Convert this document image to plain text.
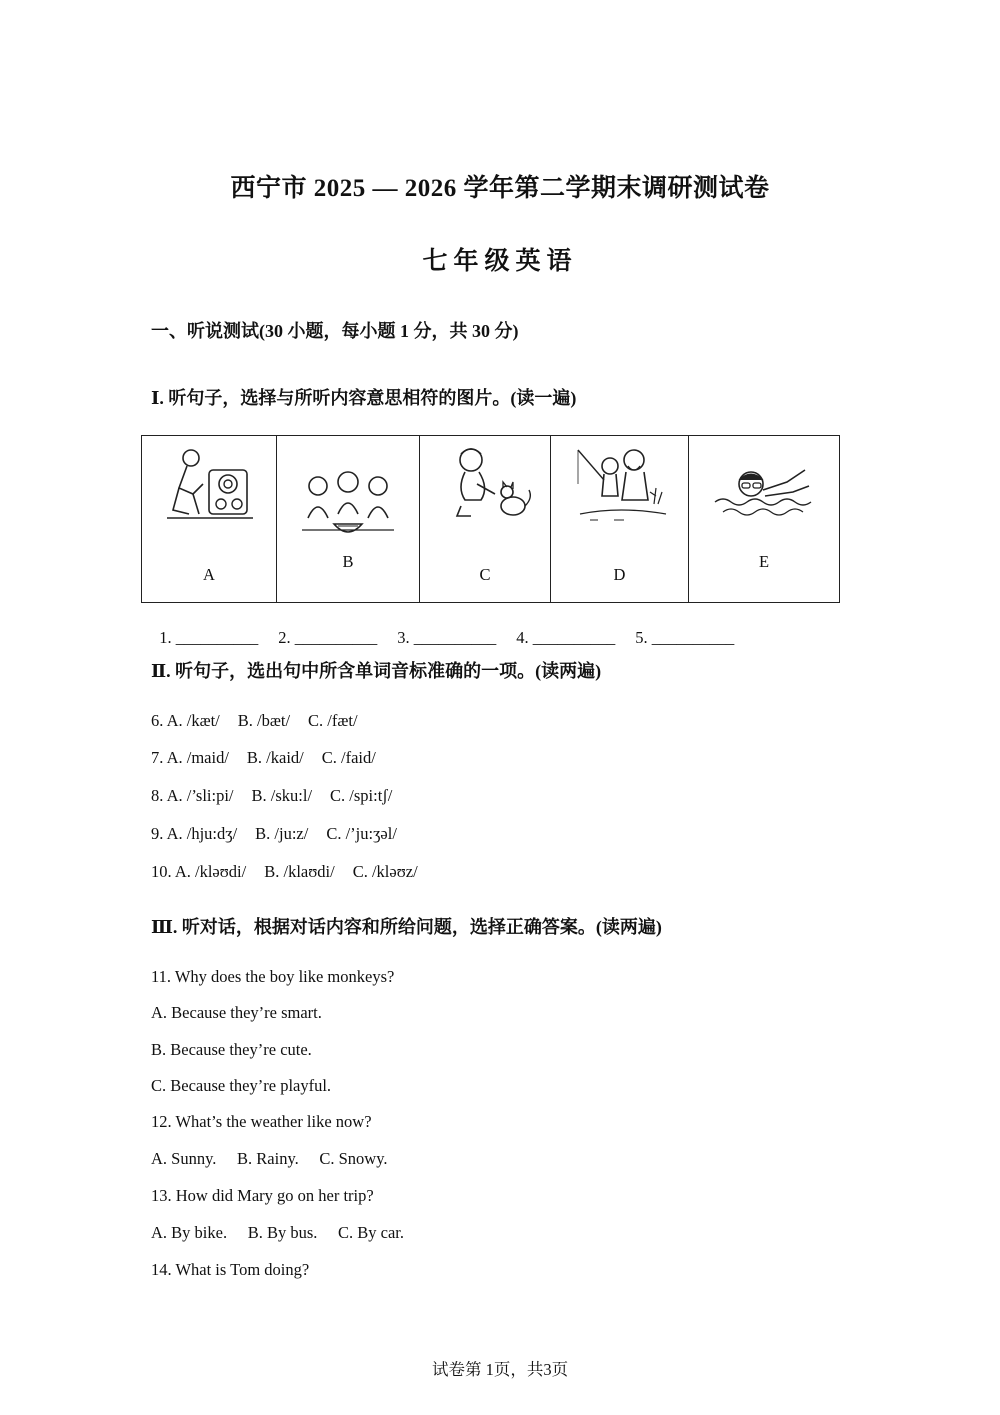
西宁市 2025 — 2026 学年第二学期末调研测试卷
七年级英语
一、听说测试(30 小题，每小题 1 分，共 30 分)
Ⅰ. 听句子，选择与所听内容意思相符的图片。(读一遍)
A

B

C	D

E

1. __________ 2. __________ 3. __________ 4. __________ 5. __________

Ⅱ. 听句子，选出句中所含单词音标准确的一项。(读两遍)
6. A. /kæt/ B. /bæt/ C. /fæt/
7. A. /maid/ B. /kaid/ C. /faid/
8. A. /’sli:pi/ B. /sku:l/ C. /spi:tʃ/
9. A. /hju:dʒ/ B. /ju:z/ C. /’ju:ʒəl/
10. A. /kləʊdi/ B. /klaʊdi/ C. /kləʊz/
Ⅲ. 听对话，根据对话内容和所给问题，选择正确答案。(读两遍)
11. Why does the boy like monkeys?
A. Because they’re smart.
B. Because they’re cute.
C. Because they’re playful.
12. What’s the weather like now?
A. Sunny.     B. Rainy.     C. Snowy.
13. How did Mary go on her trip?
A. By bike.     B. By bus.     C. By car.
14. What is Tom doing?
试卷第 1页，共3页
